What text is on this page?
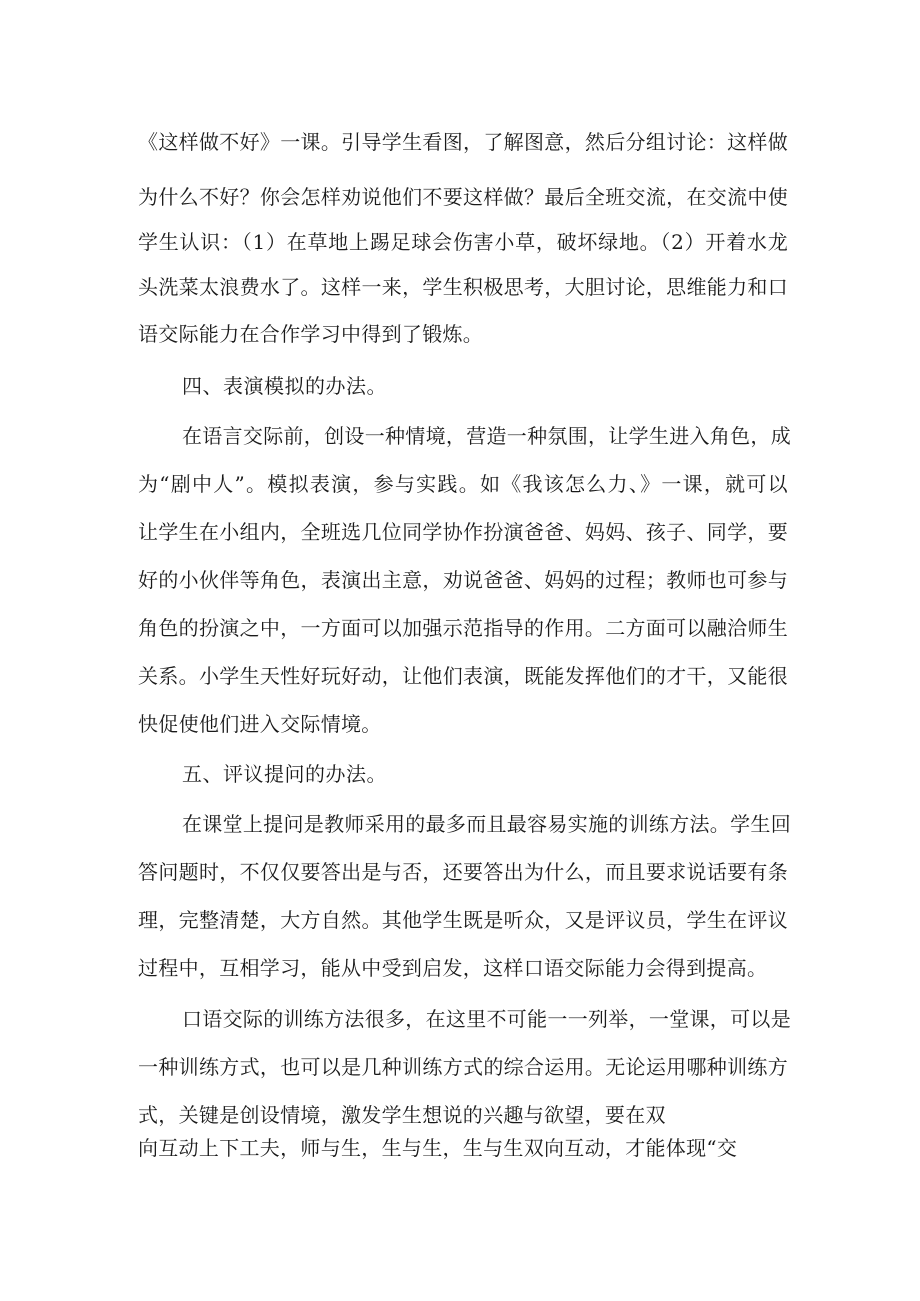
《这样做不好》一课。引导学生看图，了解图意，然后分组讨论：这样做
为什么不好？你会怎样劝说他们不要这样做？最后全班交流，在交流中使
学生认识：（1）在草地上踢足球会伤害小草，破坏绿地。（2）开着水龙
头洗菜太浪费水了。这样一来，学生积极思考，大胆讨论，思维能力和口
语交际能力在合作学习中得到了锻炼。
四、表演模拟的办法。
在语言交际前，创设一种情境，营造一种氛围，让学生进入角色，成
为“剧中人”。模拟表演，参与实践。如《我该怎么力、》一课，就可以
让学生在小组内，全班选几位同学协作扮演爸爸、妈妈、孩子、同学，要
好的小伙伴等角色，表演出主意，劝说爸爸、妈妈的过程；教师也可参与
角色的扮演之中，一方面可以加强示范指导的作用。二方面可以融洽师生
关系。小学生天性好玩好动，让他们表演，既能发挥他们的才干，又能很
快促使他们进入交际情境。
五、评议提问的办法。
在课堂上提问是教师采用的最多而且最容易实施的训练方法。学生回
答问题时，不仅仅要答出是与否，还要答出为什么，而且要求说话要有条
理，完整清楚，大方自然。其他学生既是听众，又是评议员，学生在评议
过程中，互相学习，能从中受到启发，这样口语交际能力会得到提高。
口语交际的训练方法很多，在这里不可能一一列举，一堂课，可以是
一种训练方式，也可以是几种训练方式的综合运用。无论运用哪种训练方
式，关键是创设情境，激发学生想说的兴趣与欲望，要在双
向互动上下工夫，师与生，生与生，生与生双向互动，才能体现“交
